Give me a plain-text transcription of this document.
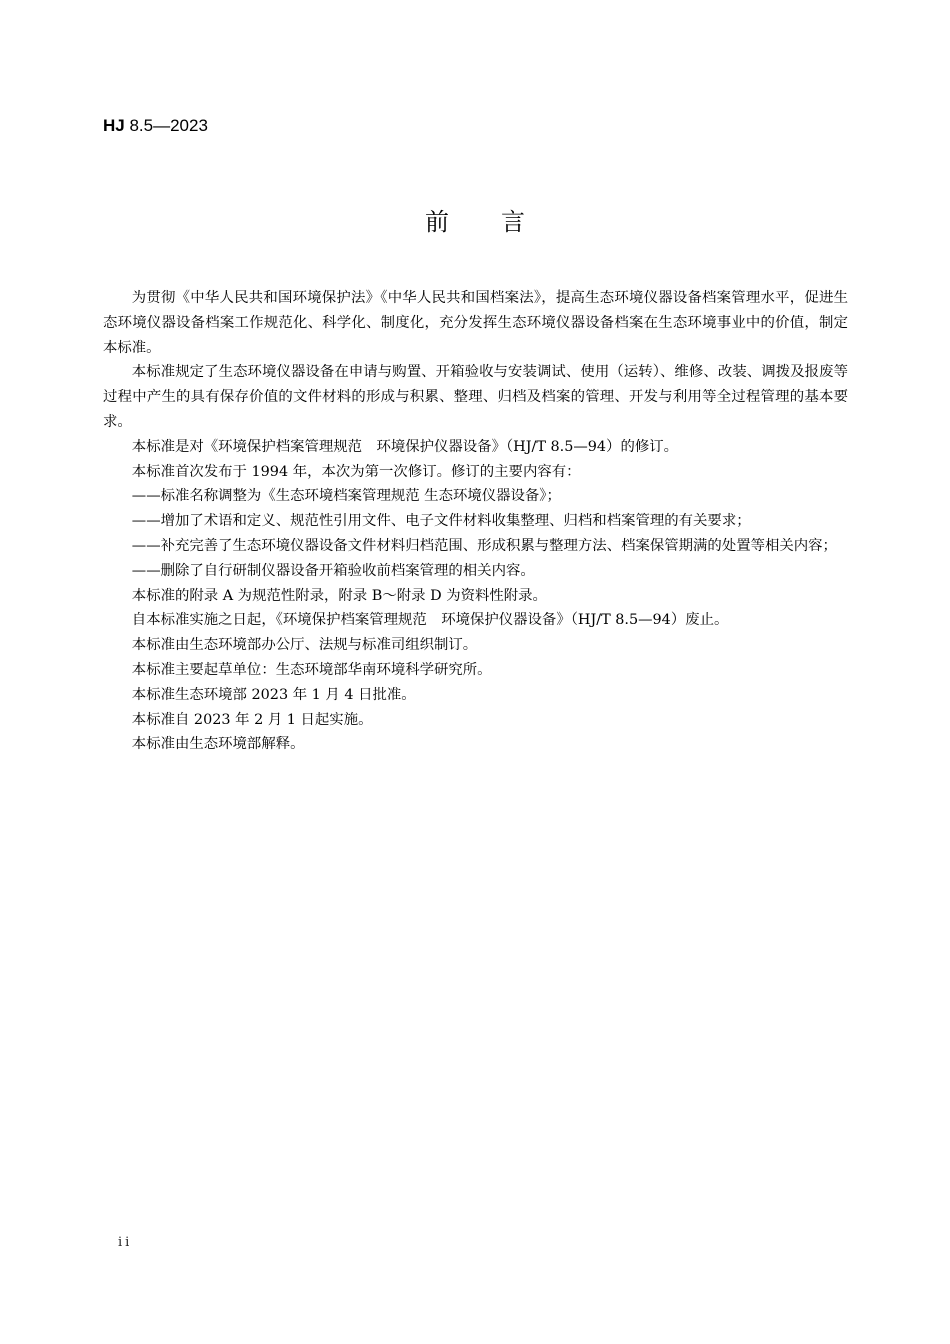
HJ 8.5—2023
前 言

为贯彻《中华人民共和国环境保护法》《中华人民共和国档案法》，提高生态环境仪器设备档案管理水平，促进生态环境仪器设备档案工作规范化、科学化、制度化，充分发挥生态环境仪器设备档案在生态环境事业中的价值，制定本标准。

本标准规定了生态环境仪器设备在申请与购置、开箱验收与安装调试、使用（运转）、维修、改装、调拨及报废等过程中产生的具有保存价值的文件材料的形成与积累、整理、归档及档案的管理、开发与利用等全过程管理的基本要求。

本标准是对《环境保护档案管理规范　环境保护仪器设备》（HJ/T 8.5—94）的修订。

本标准首次发布于 1994 年，本次为第一次修订。修订的主要内容有：

——标准名称调整为《生态环境档案管理规范 生态环境仪器设备》；

——增加了术语和定义、规范性引用文件、电子文件材料收集整理、归档和档案管理的有关要求；

——补充完善了生态环境仪器设备文件材料归档范围、形成积累与整理方法、档案保管期满的处置等相关内容；

——删除了自行研制仪器设备开箱验收前档案管理的相关内容。

本标准的附录 A 为规范性附录，附录 B～附录 D 为资料性附录。

自本标准实施之日起，《环境保护档案管理规范　环境保护仪器设备》（HJ/T 8.5—94）废止。

本标准由生态环境部办公厅、法规与标准司组织制订。

本标准主要起草单位：生态环境部华南环境科学研究所。

本标准生态环境部 2023 年 1 月 4 日批准。

本标准自 2023 年 2 月 1 日起实施。

本标准由生态环境部解释。

ii
